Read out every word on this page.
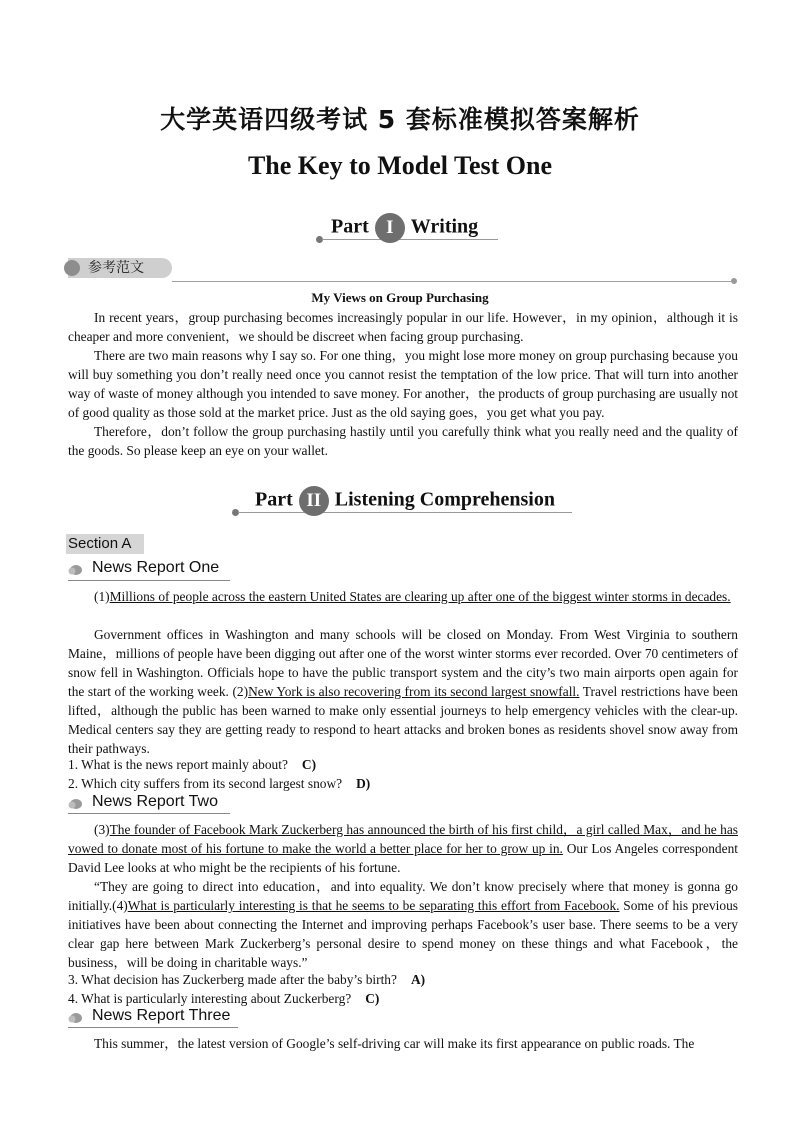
大学英语四级考试 5 套标准模拟答案解析
The Key to Model Test One
Part I Writing
参考范文
My Views on Group Purchasing
In recent years，group purchasing becomes increasingly popular in our life. However，in my opinion，although it is cheaper and more convenient，we should be discreet when facing group purchasing.
There are two main reasons why I say so. For one thing，you might lose more money on group purchasing because you will buy something you don’t really need once you cannot resist the temptation of the low price. That will turn into another way of waste of money although you intended to save money. For another，the products of group purchasing are usually not of good quality as those sold at the market price. Just as the old saying goes，you get what you pay.
Therefore，don’t follow the group purchasing hastily until you carefully think what you really need and the quality of the goods. So please keep an eye on your wallet.
Part II Listening Comprehension
Section A
News Report One
(1)Millions of people across the eastern United States are clearing up after one of the biggest winter storms in decades.
Government offices in Washington and many schools will be closed on Monday. From West Virginia to southern Maine，millions of people have been digging out after one of the worst winter storms ever recorded. Over 70 centimeters of snow fell in Washington. Officials hope to have the public transport system and the city’s two main airports open again for the start of the working week. (2)New York is also recovering from its second largest snowfall. Travel restrictions have been lifted，although the public has been warned to make only essential journeys to help emergency vehicles with the clear-up. Medical centers say they are getting ready to respond to heart attacks and broken bones as residents shovel snow away from their pathways.
1. What is the news report mainly about? C)
2. Which city suffers from its second largest snow? D)
News Report Two
(3)The founder of Facebook Mark Zuckerberg has announced the birth of his first child，a girl called Max，and he has vowed to donate most of his fortune to make the world a better place for her to grow up in. Our Los Angeles correspondent David Lee looks at who might be the recipients of his fortune.
“They are going to direct into education，and into equality. We don’t know precisely where that money is gonna go initially.(4)What is particularly interesting is that he seems to be separating this effort from Facebook. Some of his previous initiatives have been about connecting the Internet and improving perhaps Facebook’s user base. There seems to be a very clear gap here between Mark Zuckerberg’s personal desire to spend money on these things and what Facebook，the business，will be doing in charitable ways.”
3. What decision has Zuckerberg made after the baby’s birth? A)
4. What is particularly interesting about Zuckerberg? C)
News Report Three
This summer，the latest version of Google’s self-driving car will make its first appearance on public roads. The
